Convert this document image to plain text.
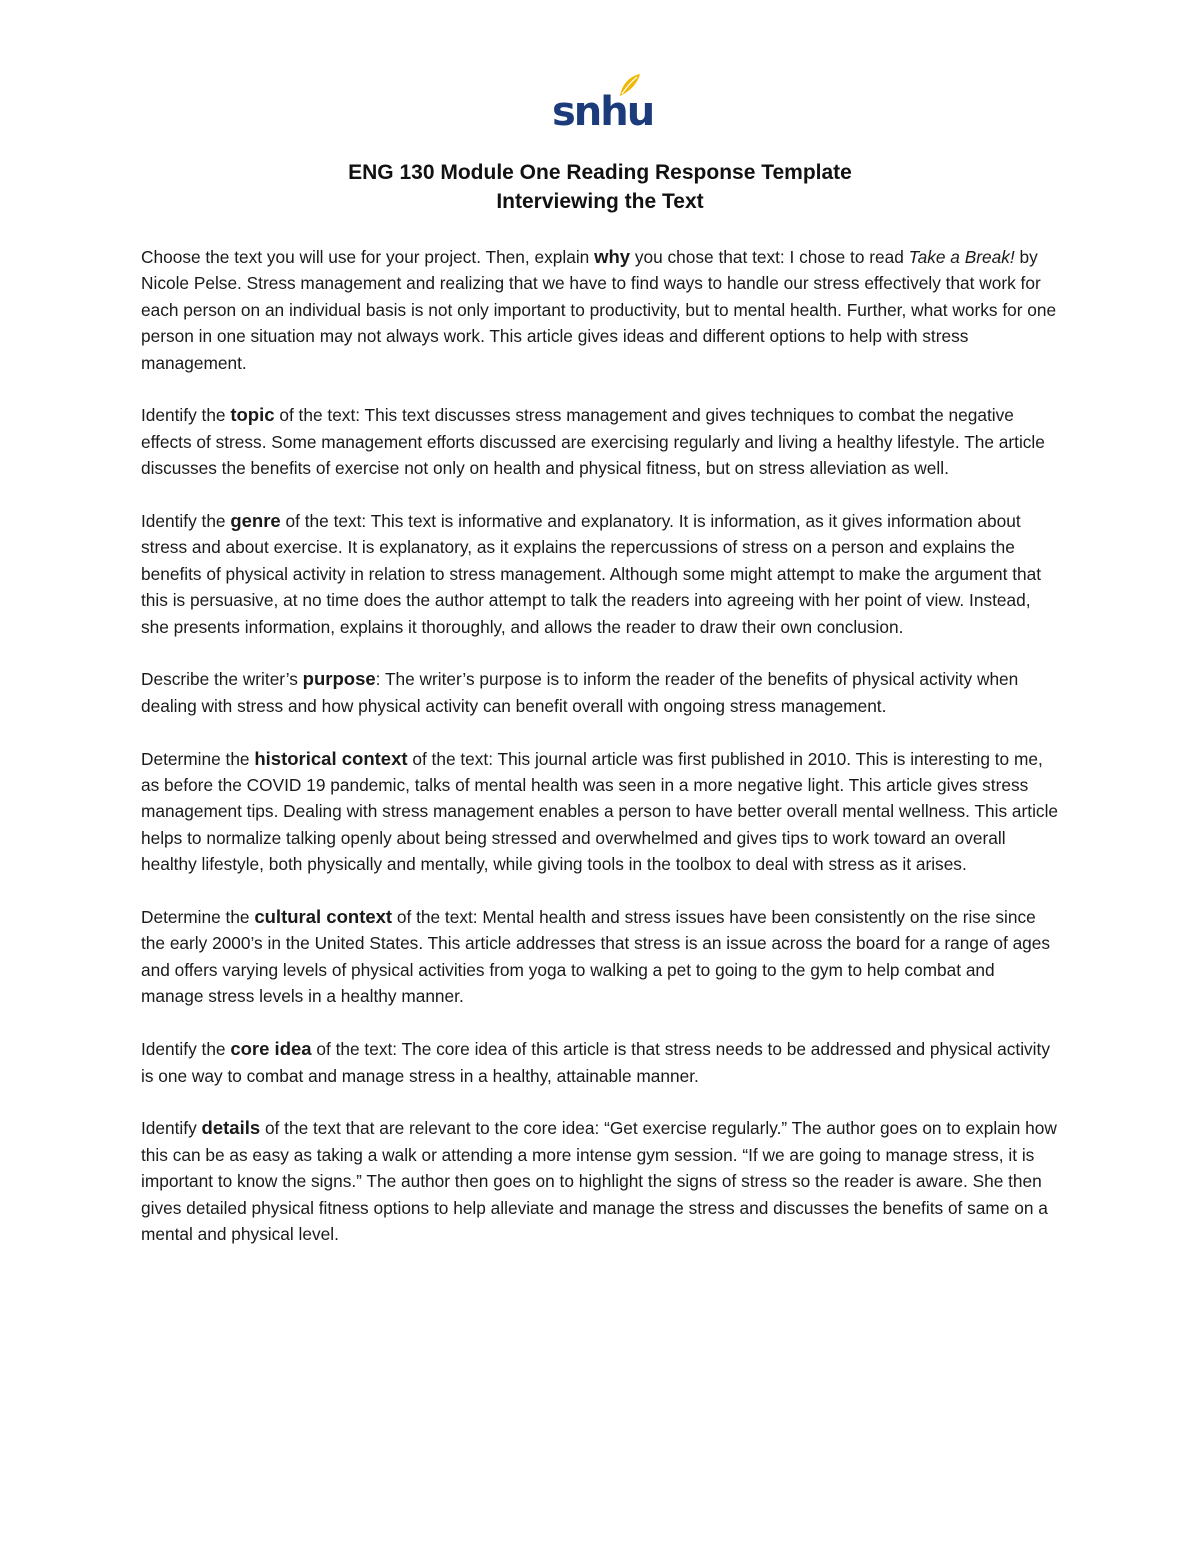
snhu
ENG 130 Module One Reading Response Template
Interviewing the Text

Choose the text you will use for your project. Then, explain why you chose that text: I chose to read Take a Break! by Nicole Pelse. Stress management and realizing that we have to find ways to handle our stress effectively that work for each person on an individual basis is not only important to productivity, but to mental health. Further, what works for one person in one situation may not always work. This article gives ideas and different options to help with stress management.

Identify the topic of the text: This text discusses stress management and gives techniques to combat the negative effects of stress. Some management efforts discussed are exercising regularly and living a healthy lifestyle. The article discusses the benefits of exercise not only on health and physical fitness, but on stress alleviation as well.

Identify the genre of the text: This text is informative and explanatory. It is information, as it gives information about stress and about exercise. It is explanatory, as it explains the repercussions of stress on a person and explains the benefits of physical activity in relation to stress management. Although some might attempt to make the argument that this is persuasive, at no time does the author attempt to talk the readers into agreeing with her point of view. Instead, she presents information, explains it thoroughly, and allows the reader to draw their own conclusion.

Describe the writer’s purpose: The writer’s purpose is to inform the reader of the benefits of physical activity when dealing with stress and how physical activity can benefit overall with ongoing stress management.

Determine the historical context of the text: This journal article was first published in 2010. This is interesting to me, as before the COVID 19 pandemic, talks of mental health was seen in a more negative light. This article gives stress management tips. Dealing with stress management enables a person to have better overall mental wellness. This article helps to normalize talking openly about being stressed and overwhelmed and gives tips to work toward an overall healthy lifestyle, both physically and mentally, while giving tools in the toolbox to deal with stress as it arises.

Determine the cultural context of the text: Mental health and stress issues have been consistently on the rise since the early 2000’s in the United States. This article addresses that stress is an issue across the board for a range of ages and offers varying levels of physical activities from yoga to walking a pet to going to the gym to help combat and manage stress levels in a healthy manner.

Identify the core idea of the text: The core idea of this article is that stress needs to be addressed and physical activity is one way to combat and manage stress in a healthy, attainable manner.

Identify details of the text that are relevant to the core idea: “Get exercise regularly.” The author goes on to explain how this can be as easy as taking a walk or attending a more intense gym session. “If we are going to manage stress, it is important to know the signs.” The author then goes on to highlight the signs of stress so the reader is aware. She then gives detailed physical fitness options to help alleviate and manage the stress and discusses the benefits of same on a mental and physical level.
